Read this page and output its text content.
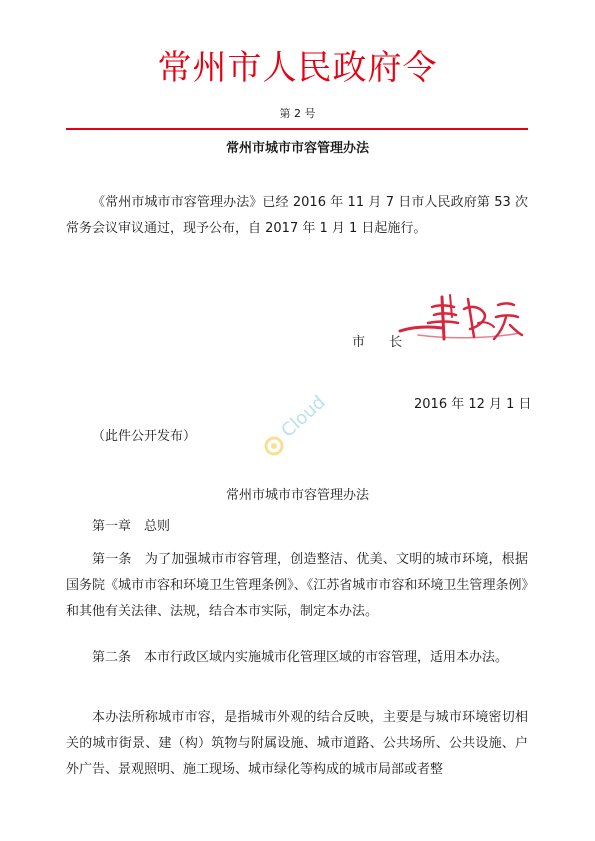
常州市人民政府令
第 2 号
常州市城市市容管理办法
《常州市城市市容管理办法》已经 2016 年 11 月 7 日市人民政府第 53 次常务会议审议通过，现予公布，自 2017 年 1 月 1 日起施行。
市 长
2016 年 12 月 1 日
（此件公开发布）	Cloud
常州市城市市容管理办法
第一章　总则
第一条　为了加强城市市容管理，创造整洁、优美、文明的城市环境，根据国务院《城市市容和环境卫生管理条例》、《江苏省城市市容和环境卫生管理条例》和其他有关法律、法规，结合本市实际，制定本办法。
第二条　本市行政区域内实施城市化管理区域的市容管理，适用本办法。
本办法所称城市市容，是指城市外观的结合反映，主要是与城市环境密切相关的城市街景、建（构）筑物与附属设施、城市道路、公共场所、公共设施、户外广告、景观照明、施工现场、城市绿化等构成的城市局部或者整
